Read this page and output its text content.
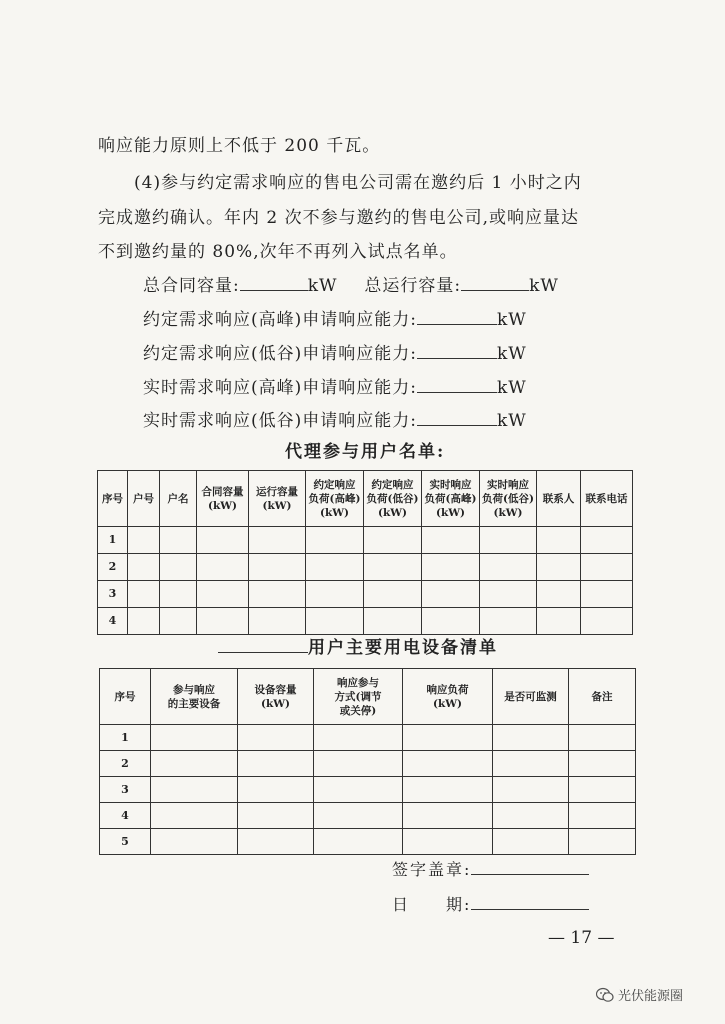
响应能力原则上不低于 200 千瓦。
(4)参与约定需求响应的售电公司需在邀约后 1 小时之内
完成邀约确认。年内 2 次不参与邀约的售电公司,或响应量达
不到邀约量的 80%,次年不再列入试点名单。
总合同容量:	kW 总运行容量:	kW
约定需求响应(高峰)申请响应能力:	kW
约定需求响应(低谷)申请响应能力:	kW
实时需求响应(高峰)申请响应能力:	kW
实时需求响应(低谷)申请响应能力:	kW
代理参与用户名单:
序号	户号	户名	合同容量
(kW)	运行容量
(kW)	约定响应
负荷(高峰)
(kW)	约定响应
负荷(低谷)
(kW)	实时响应
负荷(高峰)
(kW)	实时响应
负荷(低谷)
(kW)	联系人	联系电话
1										
2										
3										
4										
用户主要用电设备清单
序号	参与响应
的主要设备	设备容量
(kW)	响应参与
方式(调节
或关停)	响应负荷
(kW)	是否可监测	备注
1						
2						
3						
4						
5						
签字盖章:
日　　期:
— 17 —
光伏能源圈
